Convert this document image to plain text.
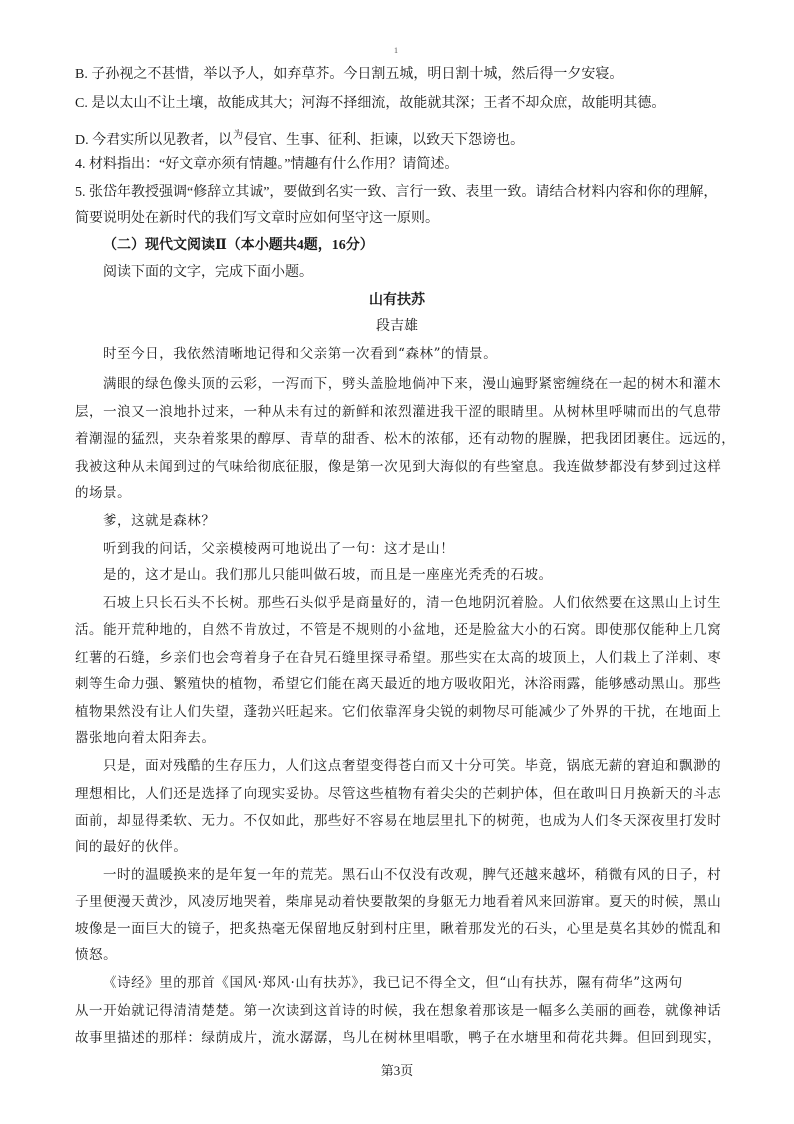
1
B. 子孙视之不甚惜，举以予人，如弃草芥。今日割五城，明日割十城，然后得一夕安寝。
C. 是以太山不让土壤，故能成其大；河海不择细流，故能就其深；王者不却众庶，故能明其德。
D. 今君实所以见教者，以为侵官、生事、征利、拒谏，以致天下怨谤也。
4. 材料指出：“好文章亦须有情趣。”情趣有什么作用？请简述。
5. 张岱年教授强调“修辞立其诚”，要做到名实一致、言行一致、表里一致。请结合材料内容和你的理解，
简要说明处在新时代的我们写文章时应如何坚守这一原则。
（二）现代文阅读Ⅱ（本小题共4题，16分）
阅读下面的文字，完成下面小题。
山有扶苏
段吉雄
时至今日，我依然清晰地记得和父亲第一次看到“森林”的情景。
满眼的绿色像头顶的云彩，一泻而下，劈头盖脸地倘冲下来，漫山遍野紧密缠绕在一起的树木和灌木
层，一浪又一浪地扑过来，一种从未有过的新鲜和浓烈灌进我干涩的眼睛里。从树林里呼啸而出的气息带
着潮湿的猛烈，夹杂着浆果的醇厚、青草的甜香、松木的浓郁，还有动物的腥臊，把我团团裹住。远远的，
我被这种从未闻到过的气味给彻底征服，像是第一次见到大海似的有些窒息。我连做梦都没有梦到过这样
的场景。
爹，这就是森林？
听到我的问话，父亲模棱两可地说出了一句：这才是山！
是的，这才是山。我们那儿只能叫做石坡，而且是一座座光秃秃的石坡。
石坡上只长石头不长树。那些石头似乎是商量好的，清一色地阴沉着脸。人们依然要在这黑山上讨生
活。能开荒种地的，自然不肯放过，不管是不规则的小盆地，还是脸盆大小的石窝。即使那仅能种上几窝
红薯的石缝，乡亲们也会弯着身子在旮旯石缝里探寻希望。那些实在太高的坡顶上，人们栽上了洋刺、枣
刺等生命力强、繁殖快的植物，希望它们能在离天最近的地方吸收阳光，沐浴雨露，能够感动黑山。那些
植物果然没有让人们失望，蓬勃兴旺起来。它们依靠浑身尖锐的刺物尽可能减少了外界的干扰，在地面上
嚣张地向着太阳奔去。
只是，面对残酷的生存压力，人们这点奢望变得苍白而又十分可笑。毕竟，锅底无薪的窘迫和飘渺的
理想相比，人们还是选择了向现实妥协。尽管这些植物有着尖尖的芒刺护体，但在敢叫日月换新天的斗志
面前，却显得柔软、无力。不仅如此，那些好不容易在地层里扎下的树蔸，也成为人们冬天深夜里打发时
间的最好的伙伴。
一时的温暖换来的是年复一年的荒芜。黑石山不仅没有改观，脾气还越来越坏，稍微有风的日子，村
子里便漫天黄沙，风凌厉地哭着，柴扉晃动着快要散架的身躯无力地看着风来回游窜。夏天的时候，黑山
坡像是一面巨大的镜子，把炙热毫无保留地反射到村庄里，瞅着那发光的石头，心里是莫名其妙的慌乱和
愤怒。
《诗经》里的那首《国风·郑风·山有扶苏》，我已记不得全文，但“山有扶苏，隰有荷华”这两句
从一开始就记得清清楚楚。第一次读到这首诗的时候，我在想象着那该是一幅多么美丽的画卷，就像神话
故事里描述的那样：绿荫成片，流水潺潺，鸟儿在树林里唱歌，鸭子在水塘里和荷花共舞。但回到现实，
第3页
